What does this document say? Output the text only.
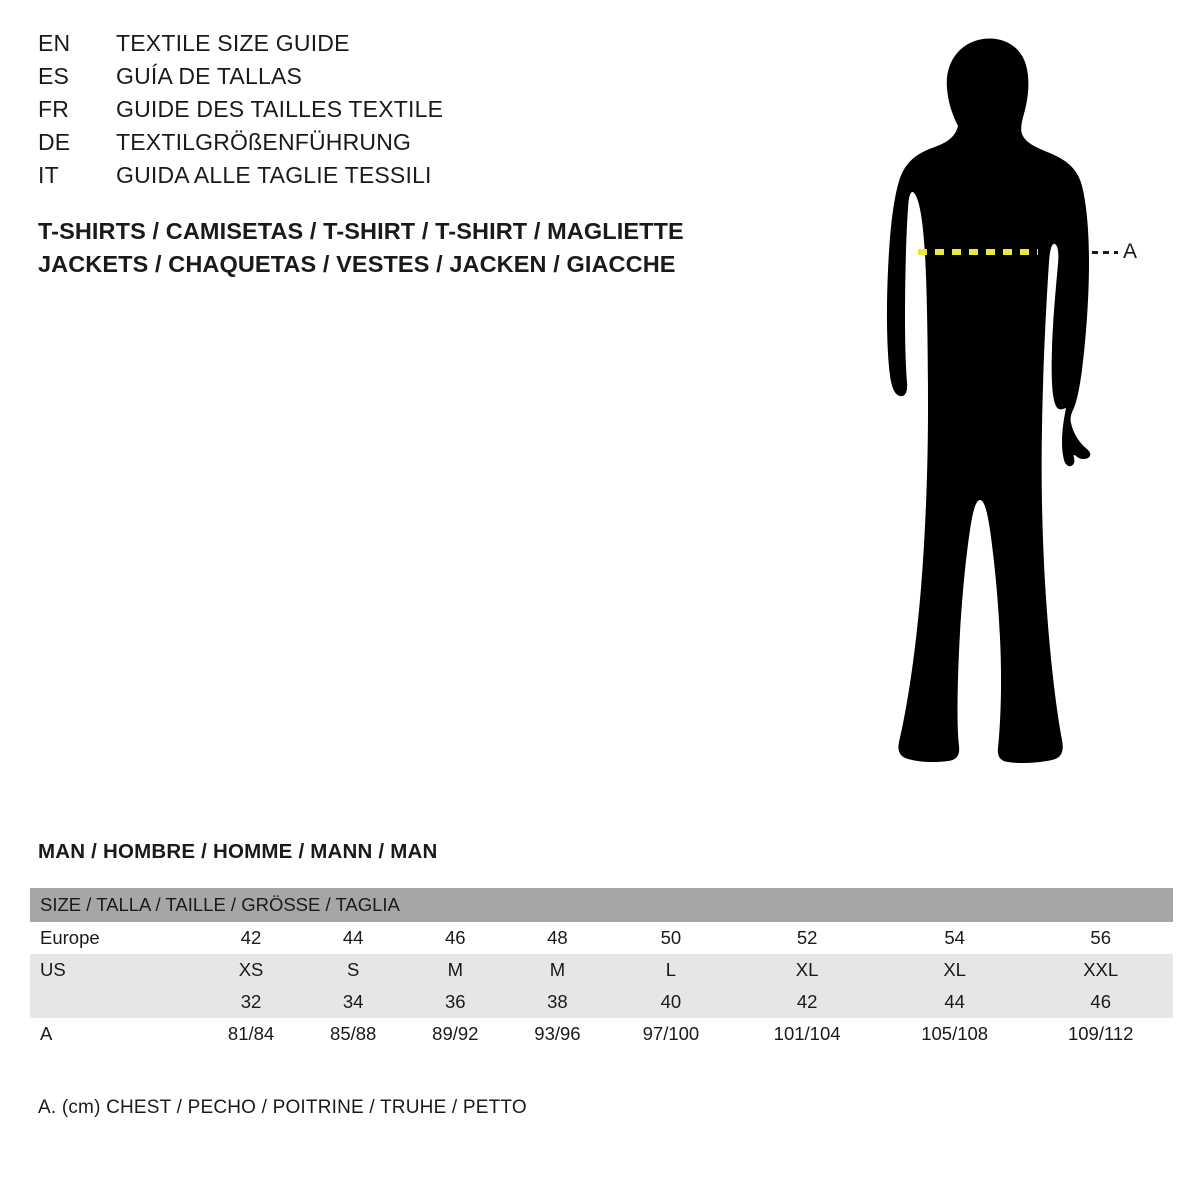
EN	TEXTILE SIZE GUIDE
ES	GUÍA DE TALLAS
FR	GUIDE DES TAILLES TEXTILE
DE	TEXTILGRÖßENFÜHRUNG
IT	GUIDA ALLE TAGLIE TESSILI
T-SHIRTS / CAMISETAS / T-SHIRT / T-SHIRT / MAGLIETTE
JACKETS / CHAQUETAS / VESTES / JACKEN / GIACCHE	A
MAN / HOMBRE / HOMME / MANN / MAN
SIZE / TALLA / TAILLE / GRÖSSE / TAGLIA								
Europe	42	44	46	48	50	52	54	56
US	XS	S	M	M	L	XL	XL	XXL
	32	34	36	38	40	42	44	46
A	81/84	85/88	89/92	93/96	97/100	101/104	105/108	109/112
A. (cm) CHEST / PECHO / POITRINE / TRUHE / PETTO
